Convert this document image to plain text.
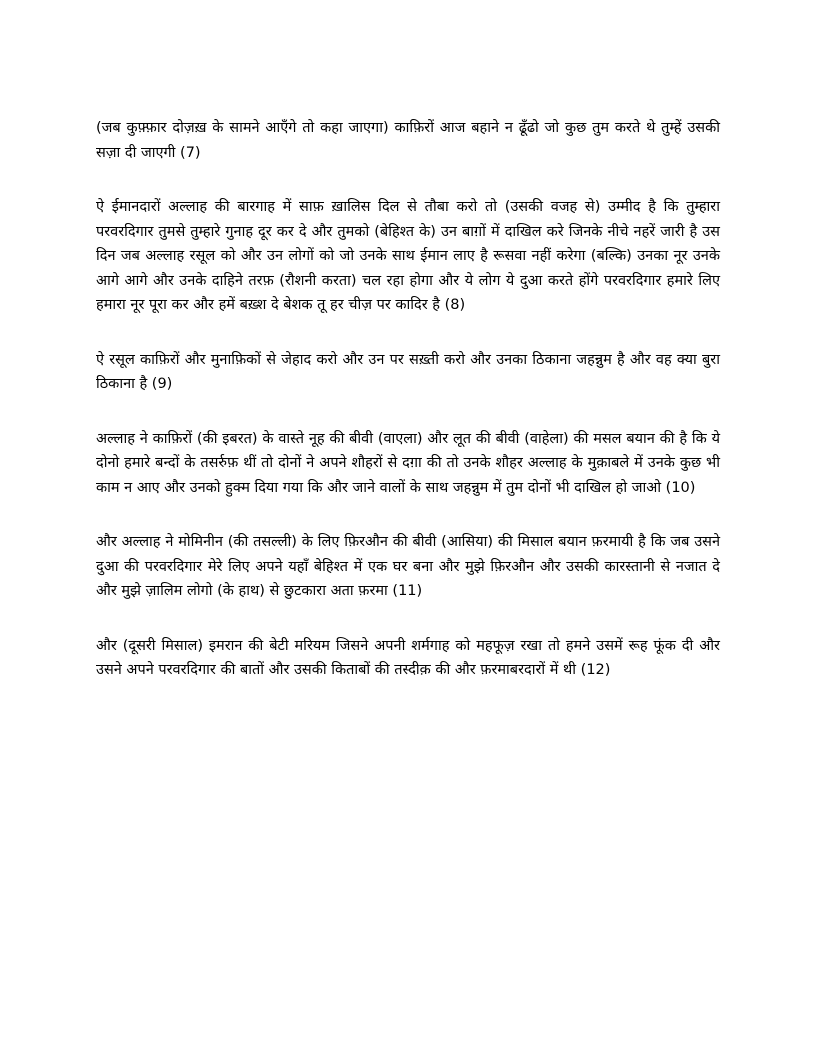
(जब कुफ़्फ़ार दोज़ख़ के सामने आएँगे तो कहा जाएगा) काफ़िरों आज बहाने न ढूँढो जो कुछ तुम करते थे तुम्हें उसकी सज़ा दी जाएगी (7)

ऐ ईमानदारों अल्लाह की बारगाह में साफ़ ख़ालिस दिल से तौबा करो तो (उसकी वजह से) उम्मीद है कि तुम्हारा परवरदिगार तुमसे तुम्हारे गुनाह दूर कर दे और तुमको (बेहिश्त के) उन बाग़ों में दाखिल करे जिनके नीचे नहरें जारी है उस दिन जब अल्लाह रसूल को और उन लोगों को जो उनके साथ ईमान लाए है रूसवा नहीं करेगा (बल्कि) उनका नूर उनके आगे आगे और उनके दाहिने तरफ़ (रौशनी करता) चल रहा होगा और ये लोग ये दुआ करते होंगे परवरदिगार हमारे लिए हमारा नूर पूरा कर और हमें बख़्श दे बेशक तू हर चीज़ पर कादिर है (8)

ऐ रसूल काफ़िरों और मुनाफ़िकों से जेहाद करो और उन पर सख़्ती करो और उनका ठिकाना जहन्नुम है और वह क्या बुरा ठिकाना है (9)

अल्लाह ने काफ़िरों (की इबरत) के वास्ते नूह की बीवी (वाएला) और लूत की बीवी (वाहेला) की मसल बयान की है कि ये दोनो हमारे बन्दों के तसर्रुफ़ थीं तो दोनों ने अपने शौहरों से दग़ा की तो उनके शौहर अल्लाह के मुक़ाबले में उनके कुछ भी काम न आए और उनको हुक्म दिया गया कि और जाने वालों के साथ जहन्नुम में तुम दोनों भी दाखिल हो जाओ (10)

और अल्लाह ने मोमिनीन (की तसल्ली) के लिए फ़िरऔन की बीवी (आसिया) की मिसाल बयान फ़रमायी है कि जब उसने दुआ की परवरदिगार मेरे लिए अपने यहाँ बेहिश्त में एक घर बना और मुझे फ़िरऔन और उसकी कारस्तानी से नजात दे और मुझे ज़ालिम लोगो (के हाथ) से छुटकारा अता फ़रमा (11)

और (दूसरी मिसाल) इमरान की बेटी मरियम जिसने अपनी शर्मगाह को महफूज़ रखा तो हमने उसमें रूह फूंक दी और उसने अपने परवरदिगार की बातों और उसकी किताबों की तस्दीक़ की और फ़रमाबरदारों में थी (12)
